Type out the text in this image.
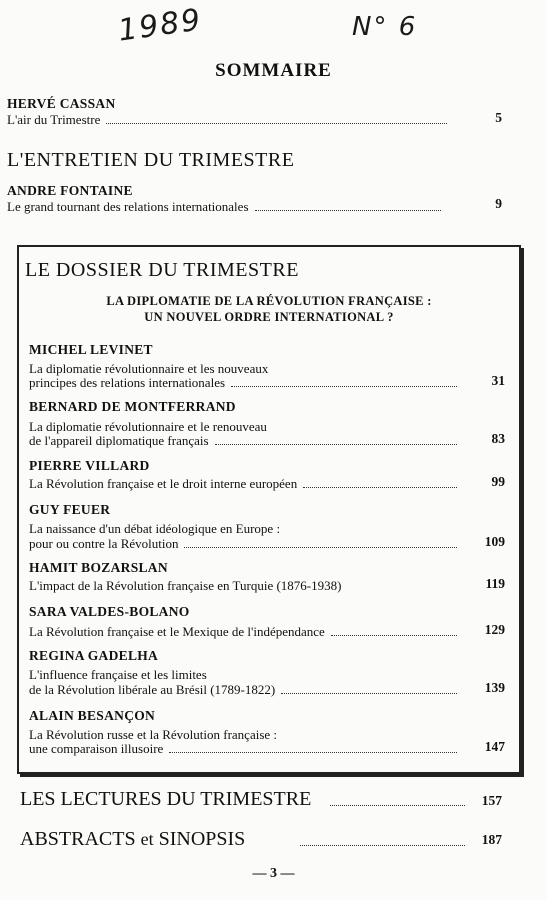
1989	N° 6
SOMMAIRE
HERVÉ CASSAN
L'air du Trimestre	5
L'ENTRETIEN DU TRIMESTRE
ANDRE FONTAINE
Le grand tournant des relations internationales	9
LE DOSSIER DU TRIMESTRE
LA DIPLOMATIE DE LA RÉVOLUTION FRANÇAISE :
UN NOUVEL ORDRE INTERNATIONAL ?
MICHEL LEVINET
La diplomatie révolutionnaire et les nouveaux
principes des relations internationales	31
BERNARD DE MONTFERRAND
La diplomatie révolutionnaire et le renouveau
de l'appareil diplomatique français	83
PIERRE VILLARD
La Révolution française et le droit interne européen	99
GUY FEUER
La naissance d'un débat idéologique en Europe :
pour ou contre la Révolution	109
HAMIT BOZARSLAN
L'impact de la Révolution française en Turquie (1876-1938)	119
SARA VALDES-BOLANO
La Révolution française et le Mexique de l'indépendance	129
REGINA GADELHA
L'influence française et les limites
de la Révolution libérale au Brésil (1789-1822)	139
ALAIN BESANÇON
La Révolution russe et la Révolution française :
une comparaison illusoire	147
LES LECTURES DU TRIMESTRE	157
ABSTRACTS et SINOPSIS	187
— 3 —
